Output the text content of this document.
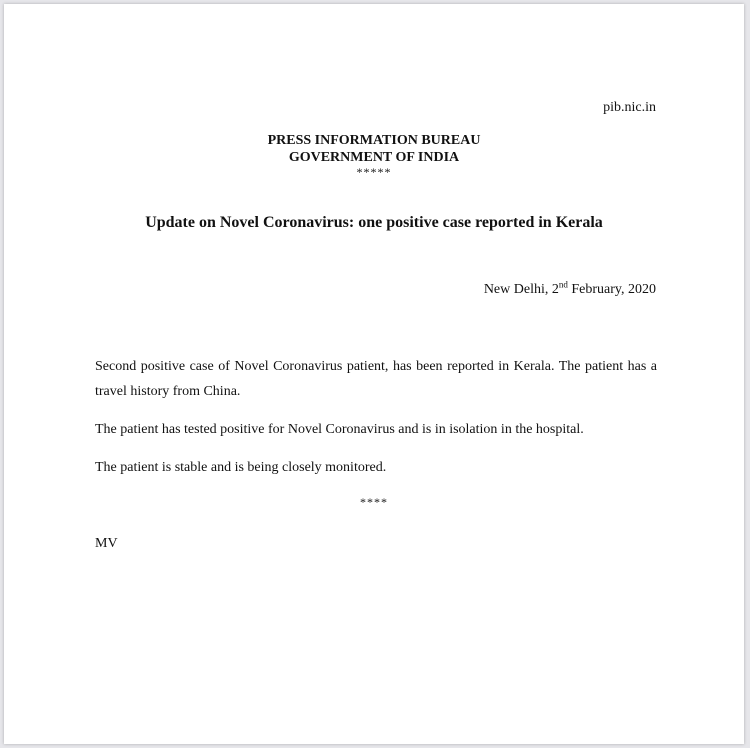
pib.nic.in
PRESS INFORMATION BUREAU
GOVERNMENT OF INDIA
*****
Update on Novel Coronavirus: one positive case reported in Kerala
New Delhi, 2nd February, 2020

Second positive case of Novel Coronavirus patient, has been reported in Kerala. The patient has a travel history from China.

The patient has tested positive for Novel Coronavirus and is in isolation in the hospital.

The patient is stable and is being closely monitored.

****
MV
